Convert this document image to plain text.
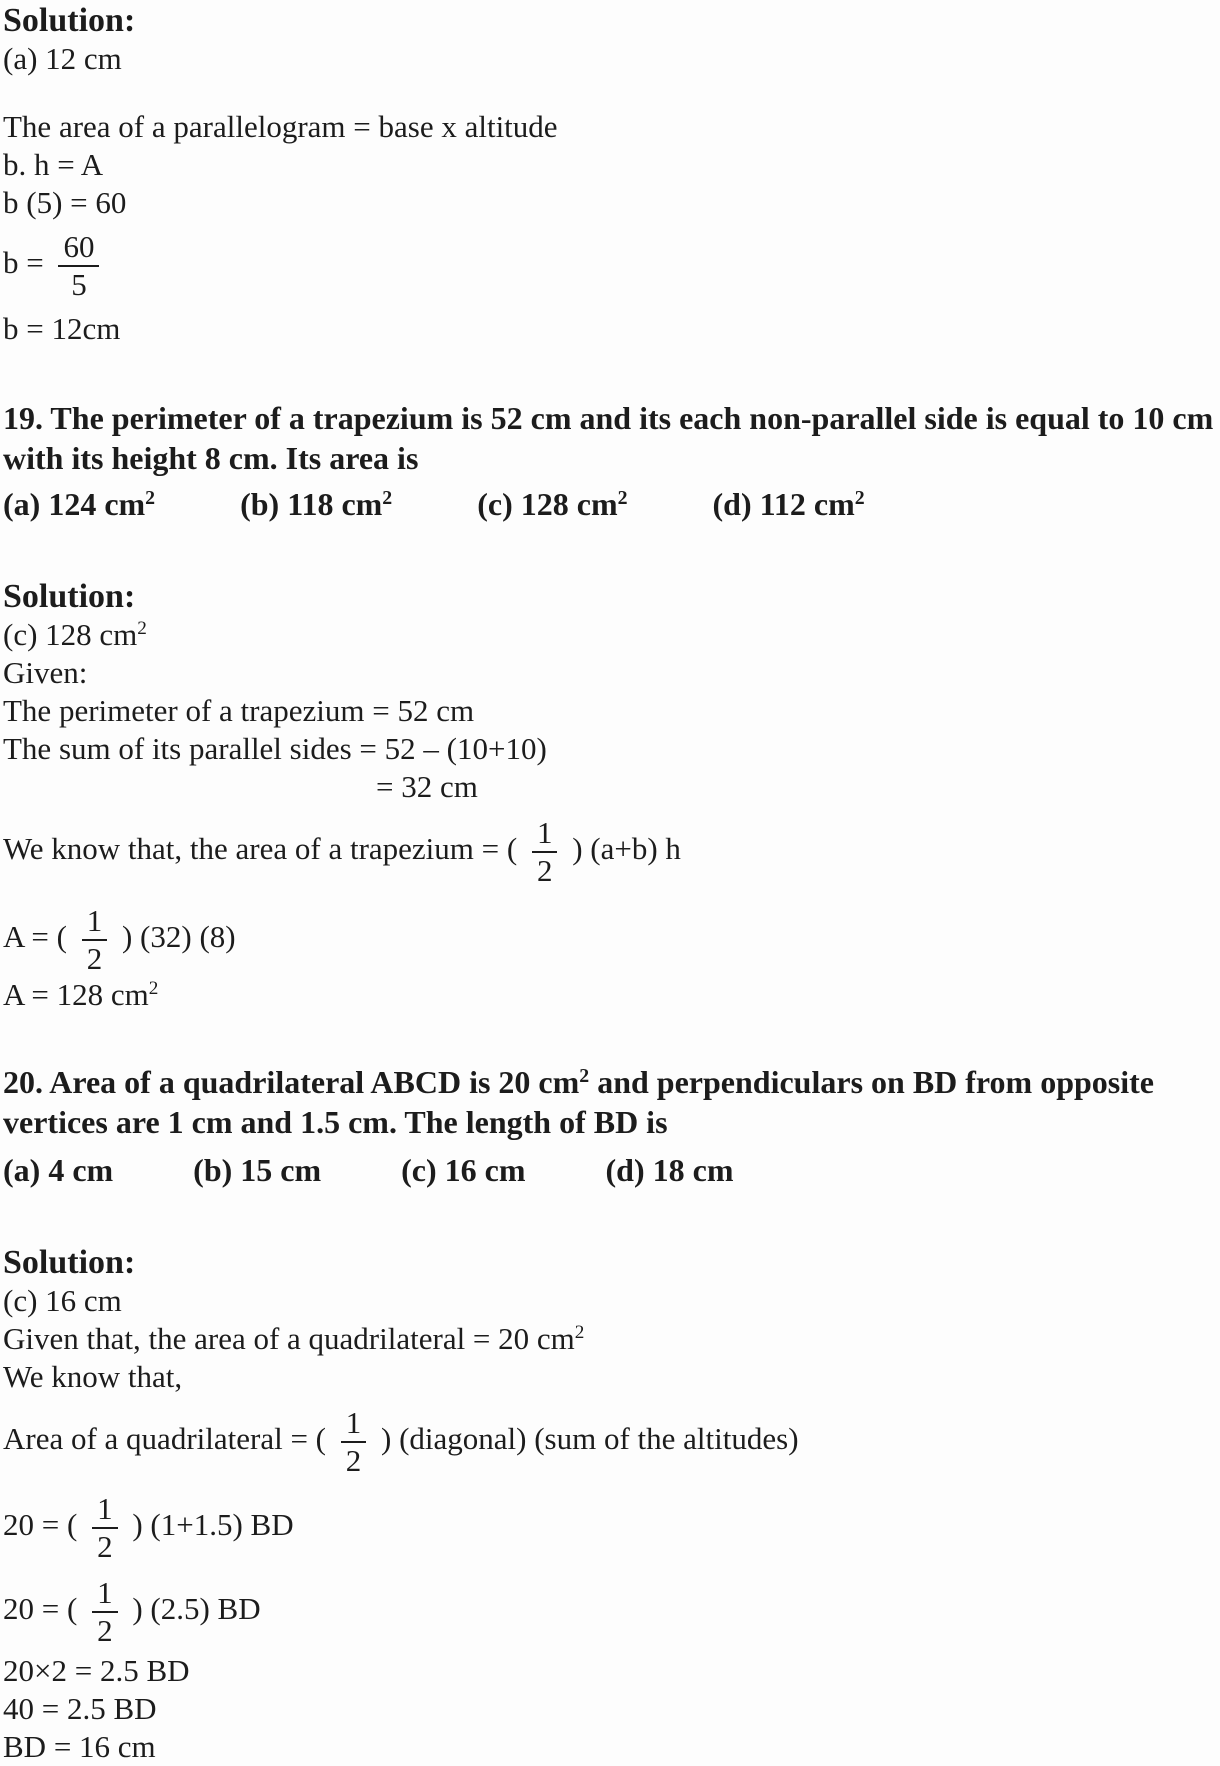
Solution:

(a) 12 cm

The area of a parallelogram = base x altitude

b. h = A

b (5) = 60

$b = \frac{60}{5}$

b = 12cm

19. The perimeter of a trapezium is 52 cm and its each non-parallel side is equal to 10 cm with its height 8 cm. Its area is

(a) 124 $cm^2$	(b) 118 $cm^2$	(c) 128 $cm^2$	(d) 112 $cm^2$

Solution:

(c) 128 $cm^2$

Given:

The perimeter of a trapezium = 52 cm

The sum of its parallel sides = 52 – (10+10)

= 32 cm

We know that, the area of a trapezium = ( $\frac{1}{2}$ ) (a+b) h

A = ( $\frac{1}{2}$ ) (32) (8)

A = 128 $cm^2$

20. Area of a quadrilateral ABCD is 20 $cm^2$ and perpendiculars on BD from opposite vertices are 1 cm and 1.5 cm. The length of BD is

(a) 4 cm	(b) 15 cm	(c) 16 cm	(d) 18 cm

Solution:

(c) 16 cm

Given that, the area of a quadrilateral = 20 $cm^2$

We know that,

Area of a quadrilateral = ( $\frac{1}{2}$ ) (diagonal) (sum of the altitudes)

20 = ( $\frac{1}{2}$ ) (1+1.5) BD

20 = ( $\frac{1}{2}$ ) (2.5) BD

20×2 = 2.5 BD

40 = 2.5 BD

BD = 16 cm
